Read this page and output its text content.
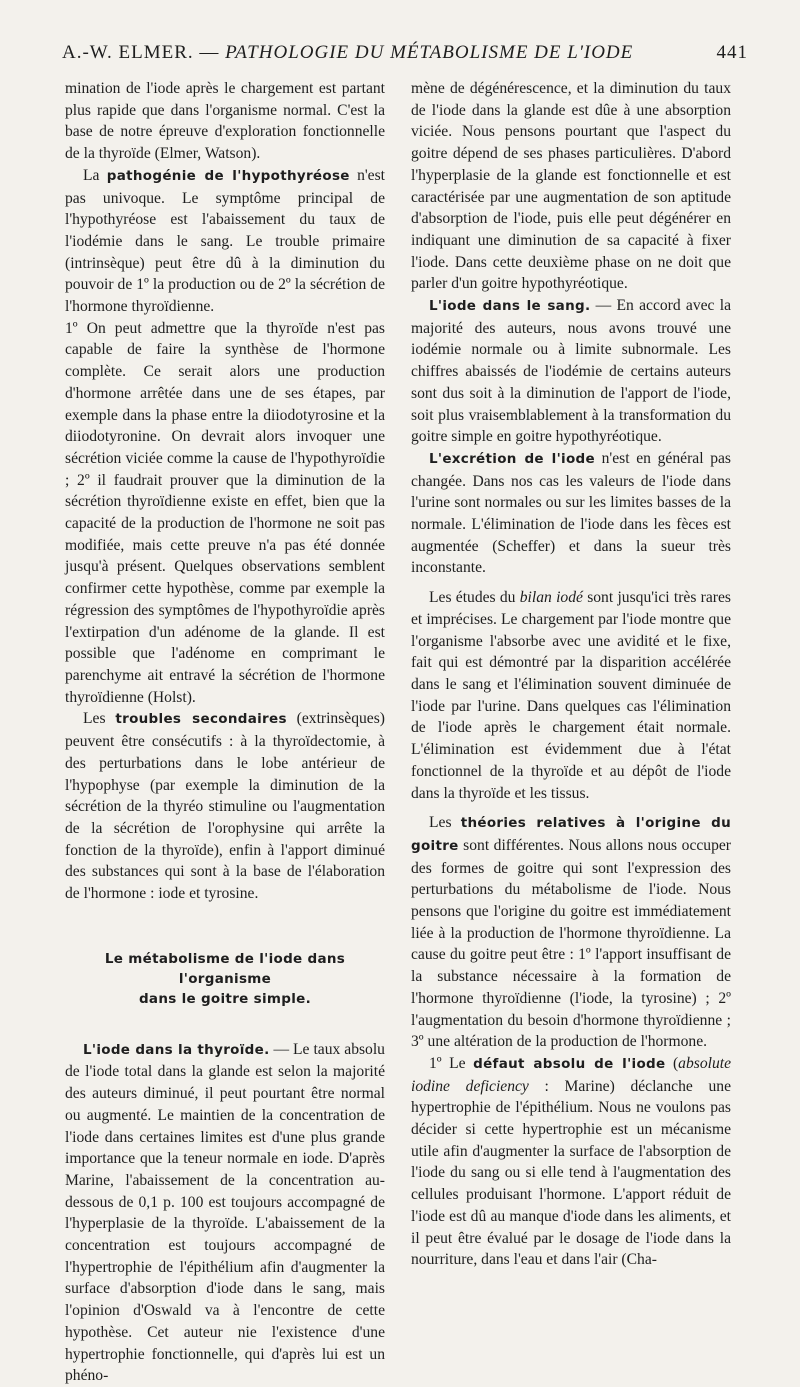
A.-W. ELMER. — PATHOLOGIE DU MÉTABOLISME DE L'IODE	441

mination de l'iode après le chargement est partant plus rapide que dans l'organisme normal. C'est la base de notre épreuve d'exploration fonctionnelle de la thyroïde (Elmer, Watson).

La pathogénie de l'hypothyréose n'est pas univoque. Le symptôme principal de l'hypothyréose est l'abaissement du taux de l'iodémie dans le sang. Le trouble primaire (intrinsèque) peut être dû à la diminution du pouvoir de 1º la production ou de 2º la sécrétion de l'hormone thyroïdienne.

1º On peut admettre que la thyroïde n'est pas capable de faire la synthèse de l'hormone complète. Ce serait alors une production d'hormone arrêtée dans une de ses étapes, par exemple dans la phase entre la diiodotyrosine et la diiodotyronine. On devrait alors invoquer une sécrétion viciée comme la cause de l'hypothyroïdie ; 2º il faudrait prouver que la diminution de la sécrétion thyroïdienne existe en effet, bien que la capacité de la production de l'hormone ne soit pas modifiée, mais cette preuve n'a pas été donnée jusqu'à présent. Quelques observations semblent confirmer cette hypothèse, comme par exemple la régression des symptômes de l'hypothyroïdie après l'extirpation d'un adénome de la glande. Il est possible que l'adénome en comprimant le parenchyme ait entravé la sécrétion de l'hormone thyroïdienne (Holst).

Les troubles secondaires (extrinsèques) peuvent être consécutifs : à la thyroïdectomie, à des perturbations dans le lobe antérieur de l'hypophyse (par exemple la diminution de la sécrétion de la thyréo stimuline ou l'augmentation de la sécrétion de l'orophysine qui arrête la fonction de la thyroïde), enfin à l'apport diminué des substances qui sont à la base de l'élaboration de l'hormone : iode et tyrosine.

Le métabolisme de l'iode dans l'organisme
dans le goitre simple.

L'iode dans la thyroïde. — Le taux absolu de l'iode total dans la glande est selon la majorité des auteurs diminué, il peut pourtant être normal ou augmenté. Le maintien de la concentration de l'iode dans certaines limites est d'une plus grande importance que la teneur normale en iode. D'après Marine, l'abaissement de la concentration au-dessous de 0,1 p. 100 est toujours accompagné de l'hyperplasie de la thyroïde. L'abaissement de la concentration est toujours accompagné de l'hypertrophie de l'épithélium afin d'augmenter la surface d'absorption d'iode dans le sang, mais l'opinion d'Oswald va à l'encontre de cette hypothèse. Cet auteur nie l'existence d'une hypertrophie fonctionnelle, qui d'après lui est un phéno-

mène de dégénérescence, et la diminution du taux de l'iode dans la glande est dûe à une absorption viciée. Nous pensons pourtant que l'aspect du goitre dépend de ses phases particulières. D'abord l'hyperplasie de la glande est fonctionnelle et est caractérisée par une augmentation de son aptitude d'absorption de l'iode, puis elle peut dégénérer en indiquant une diminution de sa capacité à fixer l'iode. Dans cette deuxième phase on ne doit que parler d'un goitre hypothyréotique.

L'iode dans le sang. — En accord avec la majorité des auteurs, nous avons trouvé une iodémie normale ou à limite subnormale. Les chiffres abaissés de l'iodémie de certains auteurs sont dus soit à la diminution de l'apport de l'iode, soit plus vraisemblablement à la transformation du goitre simple en goitre hypothyréotique.

L'excrétion de l'iode n'est en général pas changée. Dans nos cas les valeurs de l'iode dans l'urine sont normales ou sur les limites basses de la normale. L'élimination de l'iode dans les fèces est augmentée (Scheffer) et dans la sueur très inconstante.

Les études du bilan iodé sont jusqu'ici très rares et imprécises. Le chargement par l'iode montre que l'organisme l'absorbe avec une avidité et le fixe, fait qui est démontré par la disparition accélérée dans le sang et l'élimination souvent diminuée de l'iode par l'urine. Dans quelques cas l'élimination de l'iode après le chargement était normale. L'élimination est évidemment due à l'état fonctionnel de la thyroïde et au dépôt de l'iode dans la thyroïde et les tissus.

Les théories relatives à l'origine du goitre sont différentes. Nous allons nous occuper des formes de goitre qui sont l'expression des perturbations du métabolisme de l'iode. Nous pensons que l'origine du goitre est immédiatement liée à la production de l'hormone thyroïdienne. La cause du goitre peut être : 1º l'apport insuffisant de la substance nécessaire à la formation de l'hormone thyroïdienne (l'iode, la tyrosine) ; 2º l'augmentation du besoin d'hormone thyroïdienne ; 3º une altération de la production de l'hormone.

1º Le défaut absolu de l'iode (absolute iodine deficiency : Marine) déclanche une hypertrophie de l'épithélium. Nous ne voulons pas décider si cette hypertrophie est un mécanisme utile afin d'augmenter la surface de l'absorption de l'iode du sang ou si elle tend à l'augmentation des cellules produisant l'hormone. L'apport réduit de l'iode est dû au manque d'iode dans les aliments, et il peut être évalué par le dosage de l'iode dans la nourriture, dans l'eau et dans l'air (Cha-
